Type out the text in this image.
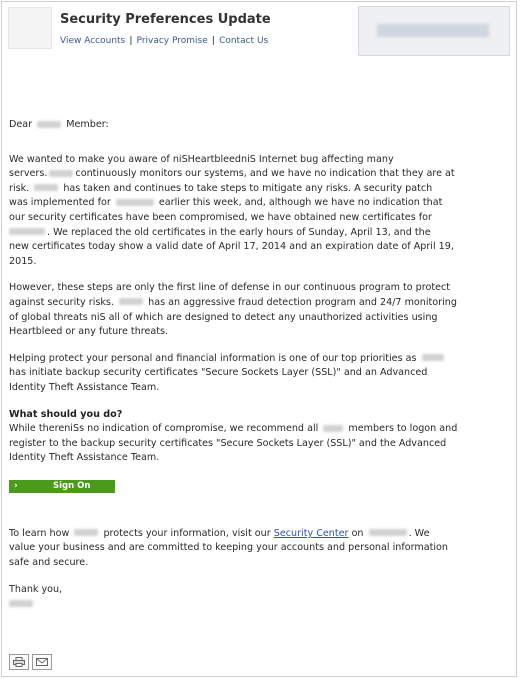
Security Preferences Update
View Accounts | Privacy Promise | Contact Us
Dear	Member:
We wanted to make you aware of niSHeartbleedniS Internet bug affecting many
servers.	continuously monitors our systems, and we have no indication that they are at
risk.	has taken and continues to take steps to mitigate any risks. A security patch
was implemented for	earlier this week, and, although we have no indication that
our security certificates have been compromised, we have obtained new certificates for
. We replaced the old certificates in the early hours of Sunday, April 13, and the
new certificates today show a valid date of April 17, 2014 and an expiration date of April 19,
2015.
However, these steps are only the first line of defense in our continuous program to protect
against security risks.	has an aggressive fraud detection program and 24/7 monitoring
of global threats niS all of which are designed to detect any unauthorized activities using
Heartbleed or any future threats.
Helping protect your personal and financial information is one of our top priorities as
has initiate backup security certificates "Secure Sockets Layer (SSL)" and an Advanced
Identity Theft Assistance Team.
What should you do?
While thereniSs no indication of compromise, we recommend all	members to logon and
register to the backup security certificates "Secure Sockets Layer (SSL)" and the Advanced
Identity Theft Assistance Team.
›	Sign On
To learn how	protects your information, visit our Security Center on	. We
value your business and are committed to keeping your accounts and personal information
safe and secure.
Thank you,
